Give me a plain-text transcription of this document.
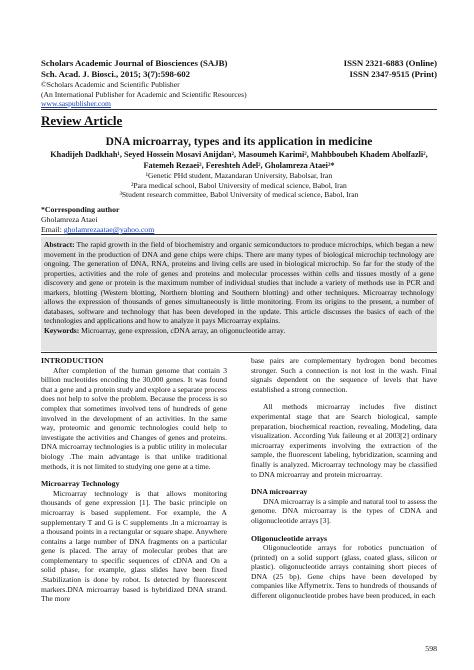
Scholars Academic Journal of Biosciences (SAJB)	ISSN 2321-6883 (Online)
Sch. Acad. J. Biosci., 2015; 3(7):598-602	ISSN 2347-9515 (Print)
©Scholars Academic and Scientific Publisher
(An International Publisher for Academic and Scientific Resources)
www.saspublisher.com
Review Article
DNA microarray, types and its application in medicine
Khadijeh Dadkhah¹, Seyed Hossein Mosavi Anijdan², Masoumeh Karimi², Mahbboubeh Khadem Abolfazli²,
Fatemeh Rezaei², Fereshteh Adel², Gholamreza Ataei²*
¹Genetic PHd student, Mazandaran University, Babolsar, Iran
²Para medical school, Babol University of medical science, Babol, Iran
³Student research committee, Babol University of medical science, Babol, Iran
*Corresponding author
Gholamreza Ataei
Email: gholamrezaatae@yahoo.com
Abstract: The rapid growth in the field of biochemistry and organic semiconductors to produce microchips, which began a new movement in the production of DNA and gene chips were chips. There are many types of biological microchip technology are ongoing. The generation of DNA, RNA, proteins and living cells are used in biological microchip. So far for the study of the properties, activities and the role of genes and proteins and molecular processes within cells and tissues mostly of a gene discovery and gene or protein is the maximum number of individual studies that include a variety of methods use in PCR and markers, blotting (Western blotting, Northern blotting and Southern blotting) and other techniques. Microarray technology allows the expression of thousands of genes simultaneously is little monitoring. From its origins to the present, a number of databases, software and technology that has been developed in the update. This article discusses the basics of each of the technologies and applications and how to analyze it pays Microarray explains.
Keywords: Microarray, gene expression, cDNA array, an oligonucleotide array.
INTRODUCTION

After completion of the human genome that contain 3 billion nucleotides encoding the 30,000 genes. It was found that a gene and a protein study and explore a separate process does not help to solve the problem. Because the process is so complex that sometimes involved tens of hundreds of gene involved in the development of an activities. In the same way, proteomic and genomic technologies could help to investigate the activities and Changes of genes and proteins. DNA microarray technologies is a public utility in molecular biology .The main advantage is that unlike traditional methods, it is not limited to studying one gene at a time.

Microarray Technology

Microarray technology is that allows monitoring thousands of gene expression [1]. The basic principle on microarray is based supplement. For example, the A supplementary T and G is C supplements .In a microarray is a thousand points in a rectangular or square shape. Anywhere contains a large number of DNA fragments on a particular gene is placed. The array of molecular probes that are complementary to specific sequences of cDNA and On a solid phase, for example, glass slides have been fixed .Stabilization is done by robot. Is detected by fluorescent markers.DNA microarray based is hybridized DNA strand. The more

base pairs are complementary hydrogen bond becomes stronger. Such a connection is not lost in the wash. Final signals dependent on the sequence of levels that have established a strong connection.

All methods microarray includes five distinct experimental stage that are Search biological, sample preparation, biochemical reaction, revealing, Modeling, data visualization. According Yuk faileung et al 2003[2] ordinary microarray experiments involving the extraction of the sample, the fluorescent labeling, hybridization, scanning and finally is analyzed. Microarray technology may be classified to DNA microarray and protein microarray.

DNA microarray

DNA microarray is a simple and natural tool to assess the genome. DNA microarray is the types of CDNA and oligonucleotide arrays [3].

Oligonucleotide arrays

Oligonucleotide arrays for robotics punctuation of (printed) on a solid support (glass, coated glass, silicon or plastic). oligonucleotide arrays containing short pieces of DNA (25 bp). Gene chips have been developed by companies like Affymetrix. Tens to hundreds of thousands of different oligonucleotide probes have been produced, in each

598
